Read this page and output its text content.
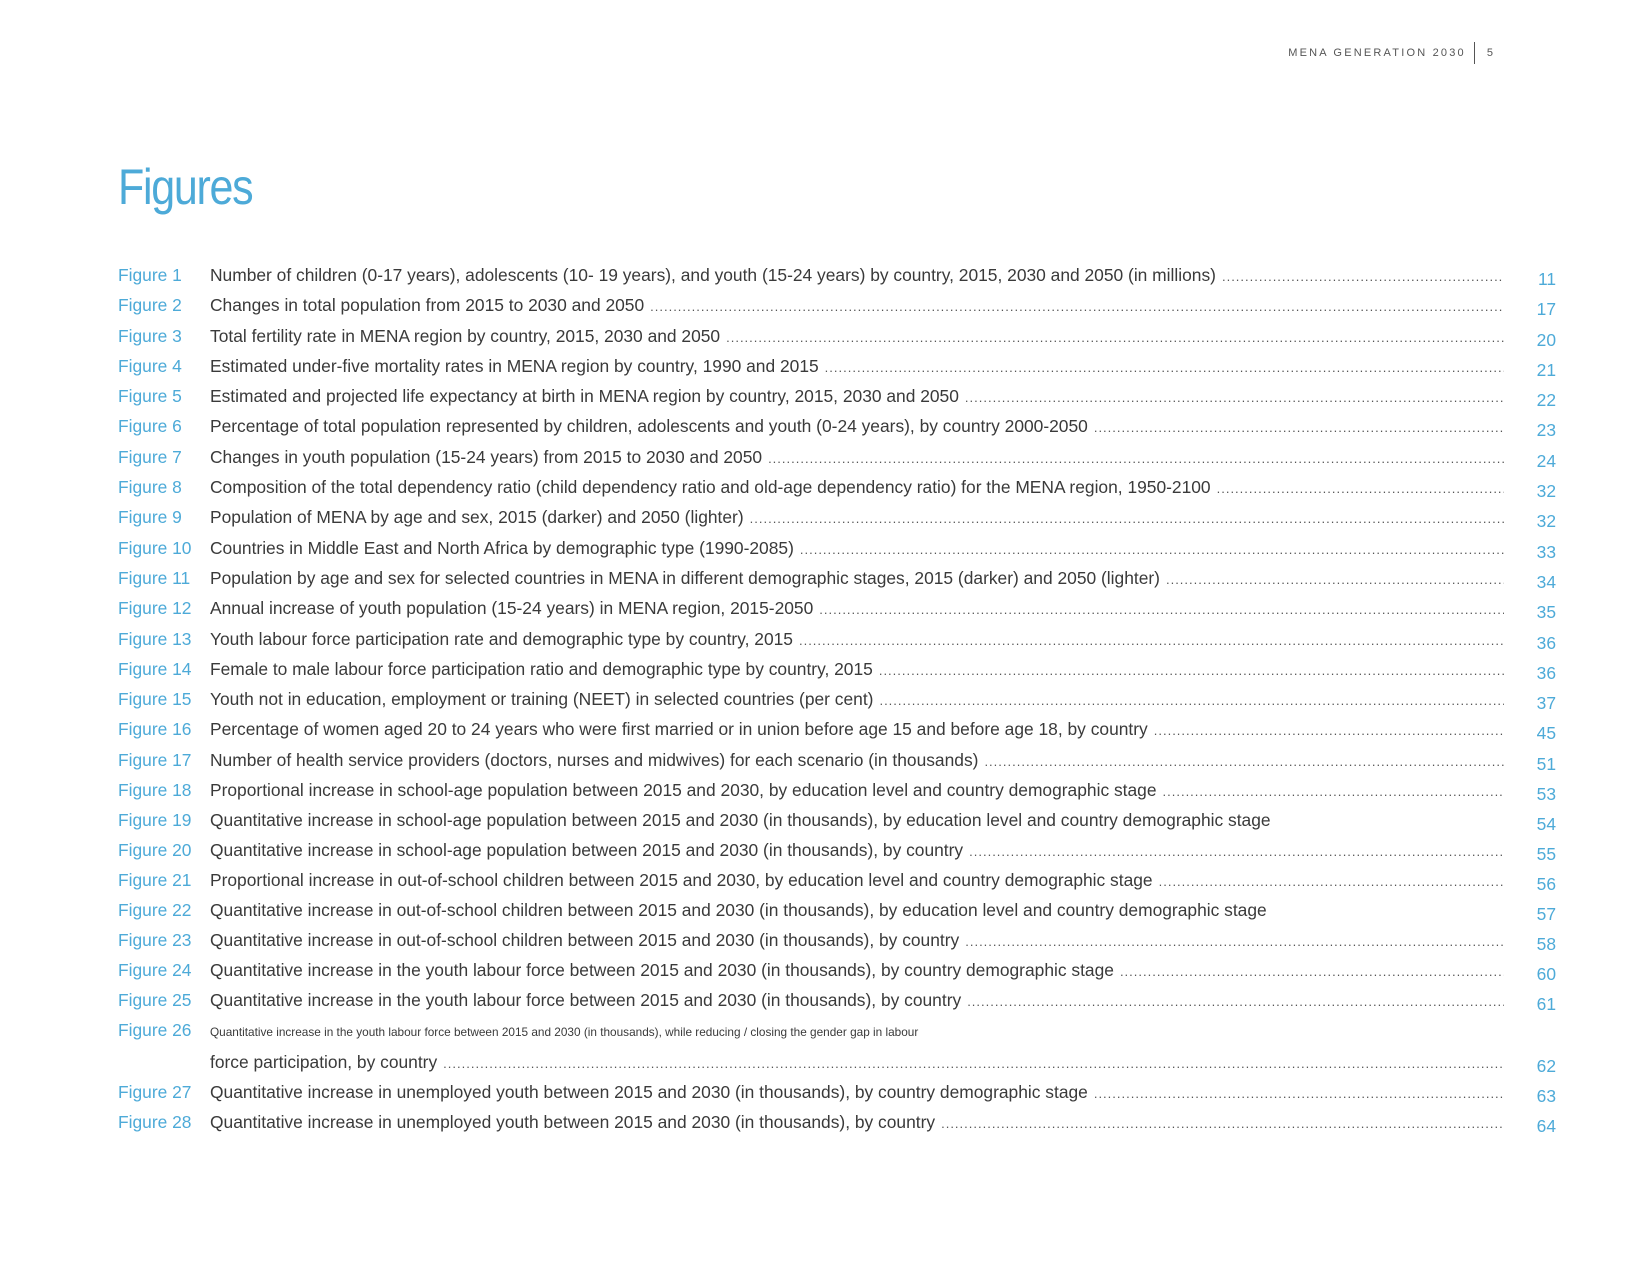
MENA GENERATION 2030 5
Figures
Figure 1	Number of children (0-17 years), adolescents (10- 19 years), and youth (15-24 years) by country, 2015, 2030 and 2050 (in millions) .....	11
Figure 2	Changes in total population from 2015 to 2030 and 2050 .....	17
Figure 3	Total fertility rate in MENA region by country, 2015, 2030 and 2050 .....	20
Figure 4	Estimated under-five mortality rates in MENA region by country, 1990 and 2015 .....	21
Figure 5	Estimated and projected life expectancy at birth in MENA region by country, 2015, 2030 and 2050 .....	22
Figure 6	Percentage of total population represented by children, adolescents and youth (0-24 years), by country 2000-2050 .....	23
Figure 7	Changes in youth population (15-24 years) from 2015 to 2030 and 2050 .....	24
Figure 8	Composition of the total dependency ratio (child dependency ratio and old-age dependency ratio) for the MENA region, 1950-2100 .....	32
Figure 9	Population of MENA by age and sex, 2015 (darker) and 2050 (lighter) .....	32
Figure 10	Countries in Middle East and North Africa by demographic type (1990-2085) .....	33
Figure 11	Population by age and sex for selected countries in MENA in different demographic stages, 2015 (darker) and 2050 (lighter) .....	34
Figure 12	Annual increase of youth population (15-24 years) in MENA region, 2015-2050 .....	35
Figure 13	Youth labour force participation rate and demographic type by country, 2015 .....	36
Figure 14	Female to male labour force participation ratio and demographic type by country, 2015 .....	36
Figure 15	Youth not in education, employment or training (NEET) in selected countries (per cent) .....	37
Figure 16	Percentage of women aged 20 to 24 years who were first married or in union before age 15 and before age 18, by country .....	45
Figure 17	Number of health service providers (doctors, nurses and midwives) for each scenario (in thousands) .....	51
Figure 18	Proportional increase in school-age population between 2015 and 2030, by education level and country demographic stage .....	53
Figure 19	Quantitative increase in school-age population between 2015 and 2030 (in thousands), by education level and country demographic stage	54
Figure 20	Quantitative increase in school-age population between 2015 and 2030 (in thousands), by country .....	55
Figure 21	Proportional increase in out-of-school children between 2015 and 2030, by education level and country demographic stage .....	56
Figure 22	Quantitative increase in out-of-school children between 2015 and 2030 (in thousands), by education level and country demographic stage	57
Figure 23	Quantitative increase in out-of-school children between 2015 and 2030 (in thousands), by country .....	58
Figure 24	Quantitative increase in the youth labour force between 2015 and 2030 (in thousands), by country demographic stage .....	60
Figure 25	Quantitative increase in the youth labour force between 2015 and 2030 (in thousands), by country .....	61
Figure 26	Quantitative increase in the youth labour force between 2015 and 2030 (in thousands), while reducing / closing the gender gap in labour
force participation, by country .....	62
Figure 27	Quantitative increase in unemployed youth between 2015 and 2030 (in thousands), by country demographic stage .....	63
Figure 28	Quantitative increase in unemployed youth between 2015 and 2030 (in thousands), by country .....	64
